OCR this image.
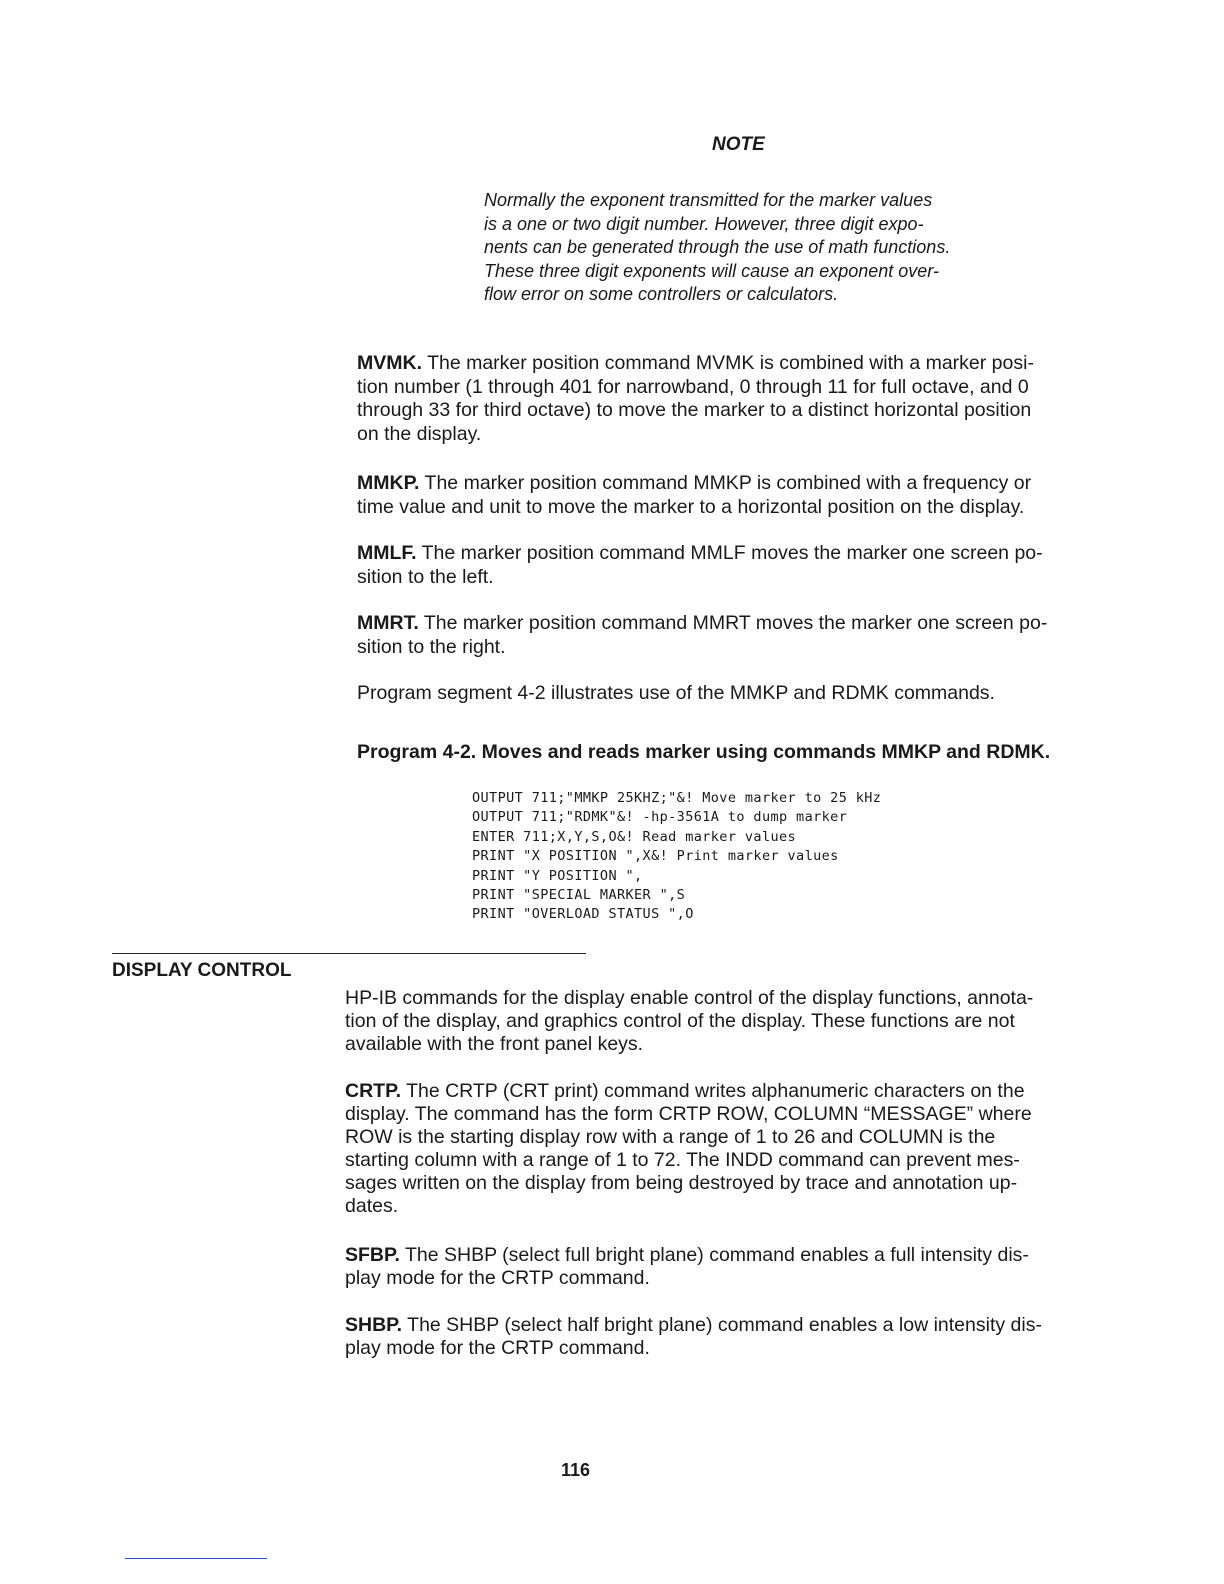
NOTE
Normally the exponent transmitted for the marker values
is a one or two digit number. However, three digit expo-
nents can be generated through the use of math functions.
These three digit exponents will cause an exponent over-
flow error on some controllers or calculators.
MVMK. The marker position command MVMK is combined with a marker posi-
tion number (1 through 401 for narrowband, 0 through 11 for full octave, and 0
through 33 for third octave) to move the marker to a distinct horizontal position
on the display.
MMKP. The marker position command MMKP is combined with a frequency or
time value and unit to move the marker to a horizontal position on the display.
MMLF. The marker position command MMLF moves the marker one screen po-
sition to the left.
MMRT. The marker position command MMRT moves the marker one screen po-
sition to the right.
Program segment 4-2 illustrates use of the MMKP and RDMK commands.
Program 4-2. Moves and reads marker using commands MMKP and RDMK.
OUTPUT 711;"MMKP 25KHZ;"&! Move marker to 25 kHz
OUTPUT 711;"RDMK"&! -hp-3561A to dump marker
ENTER 711;X,Y,S,O&! Read marker values
PRINT "X POSITION ",X&! Print marker values
PRINT "Y POSITION ",
PRINT "SPECIAL MARKER ",S
PRINT "OVERLOAD STATUS ",O
DISPLAY CONTROL
HP-IB commands for the display enable control of the display functions, annota-
tion of the display, and graphics control of the display. These functions are not
available with the front panel keys.
CRTP. The CRTP (CRT print) command writes alphanumeric characters on the
display. The command has the form CRTP ROW, COLUMN “MESSAGE” where
ROW is the starting display row with a range of 1 to 26 and COLUMN is the
starting column with a range of 1 to 72. The INDD command can prevent mes-
sages written on the display from being destroyed by trace and annotation up-
dates.
SFBP. The SHBP (select full bright plane) command enables a full intensity dis-
play mode for the CRTP command.
SHBP. The SHBP (select half bright plane) command enables a low intensity dis-
play mode for the CRTP command.
116
